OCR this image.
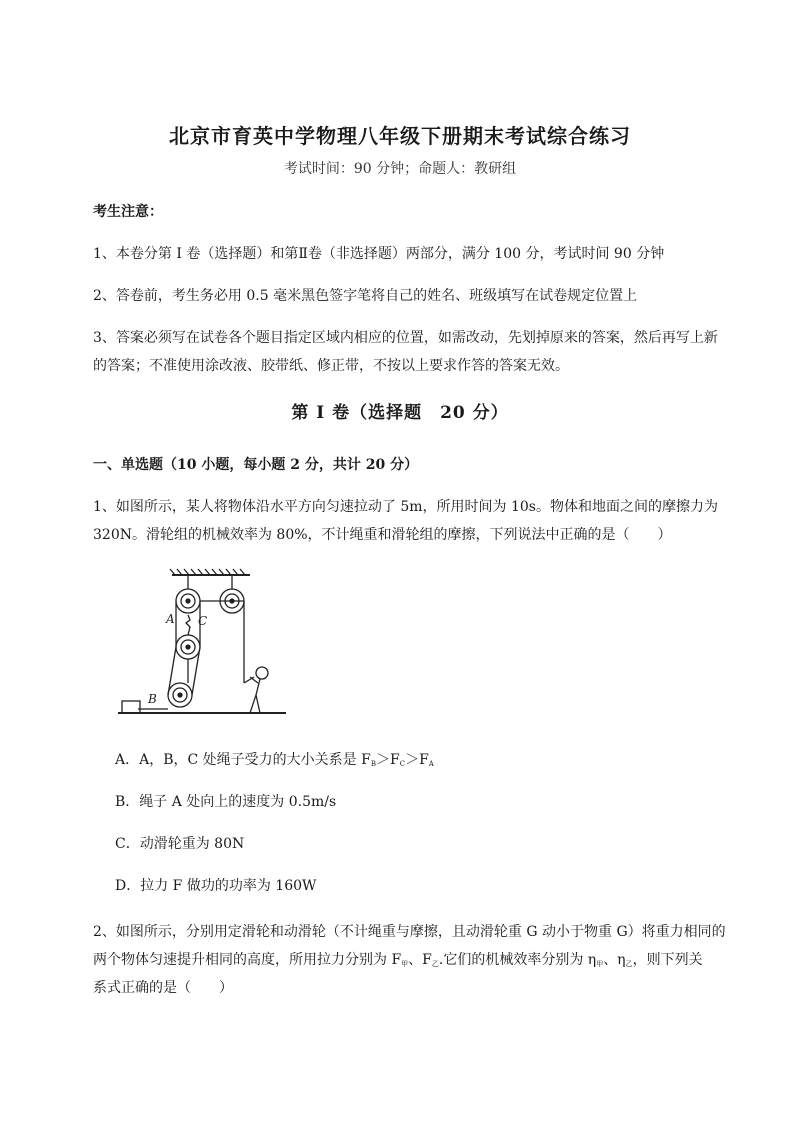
北京市育英中学物理八年级下册期末考试综合练习
考试时间：90 分钟；命题人：教研组
考生注意：
1、本卷分第 I 卷（选择题）和第Ⅱ卷（非选择题）两部分，满分 100 分，考试时间 90 分钟
2、答卷前，考生务必用 0.5 毫米黑色签字笔将自己的姓名、班级填写在试卷规定位置上
3、答案必须写在试卷各个题目指定区域内相应的位置，如需改动，先划掉原来的答案，然后再写上新
的答案；不准使用涂改液、胶带纸、修正带，不按以上要求作答的答案无效。
第 I 卷（选择题　20 分）
一、单选题（10 小题，每小题 2 分，共计 20 分）
1、如图所示，某人将物体沿水平方向匀速拉动了 5m，所用时间为 10s。物体和地面之间的摩擦力为
320N。滑轮组的机械效率为 80%，不计绳重和滑轮组的摩擦，下列说法中正确的是（　　）
A C
B
A．A，B，C 处绳子受力的大小关系是 $F_B>F_C>F_A$
B．绳子 A 处向上的速度为 0.5m/s
C．动滑轮重为 80N
D．拉力 F 做功的功率为 160W
2、如图所示，分别用定滑轮和动滑轮（不计绳重与摩擦，且动滑轮重 G 动小于物重 G）将重力相同的
两个物体匀速提升相同的高度，所用拉力分别为 $F_甲$、$F_乙$.它们的机械效率分别为 $\eta_甲$、$\eta_乙$，则下列关
系式正确的是（　　）
